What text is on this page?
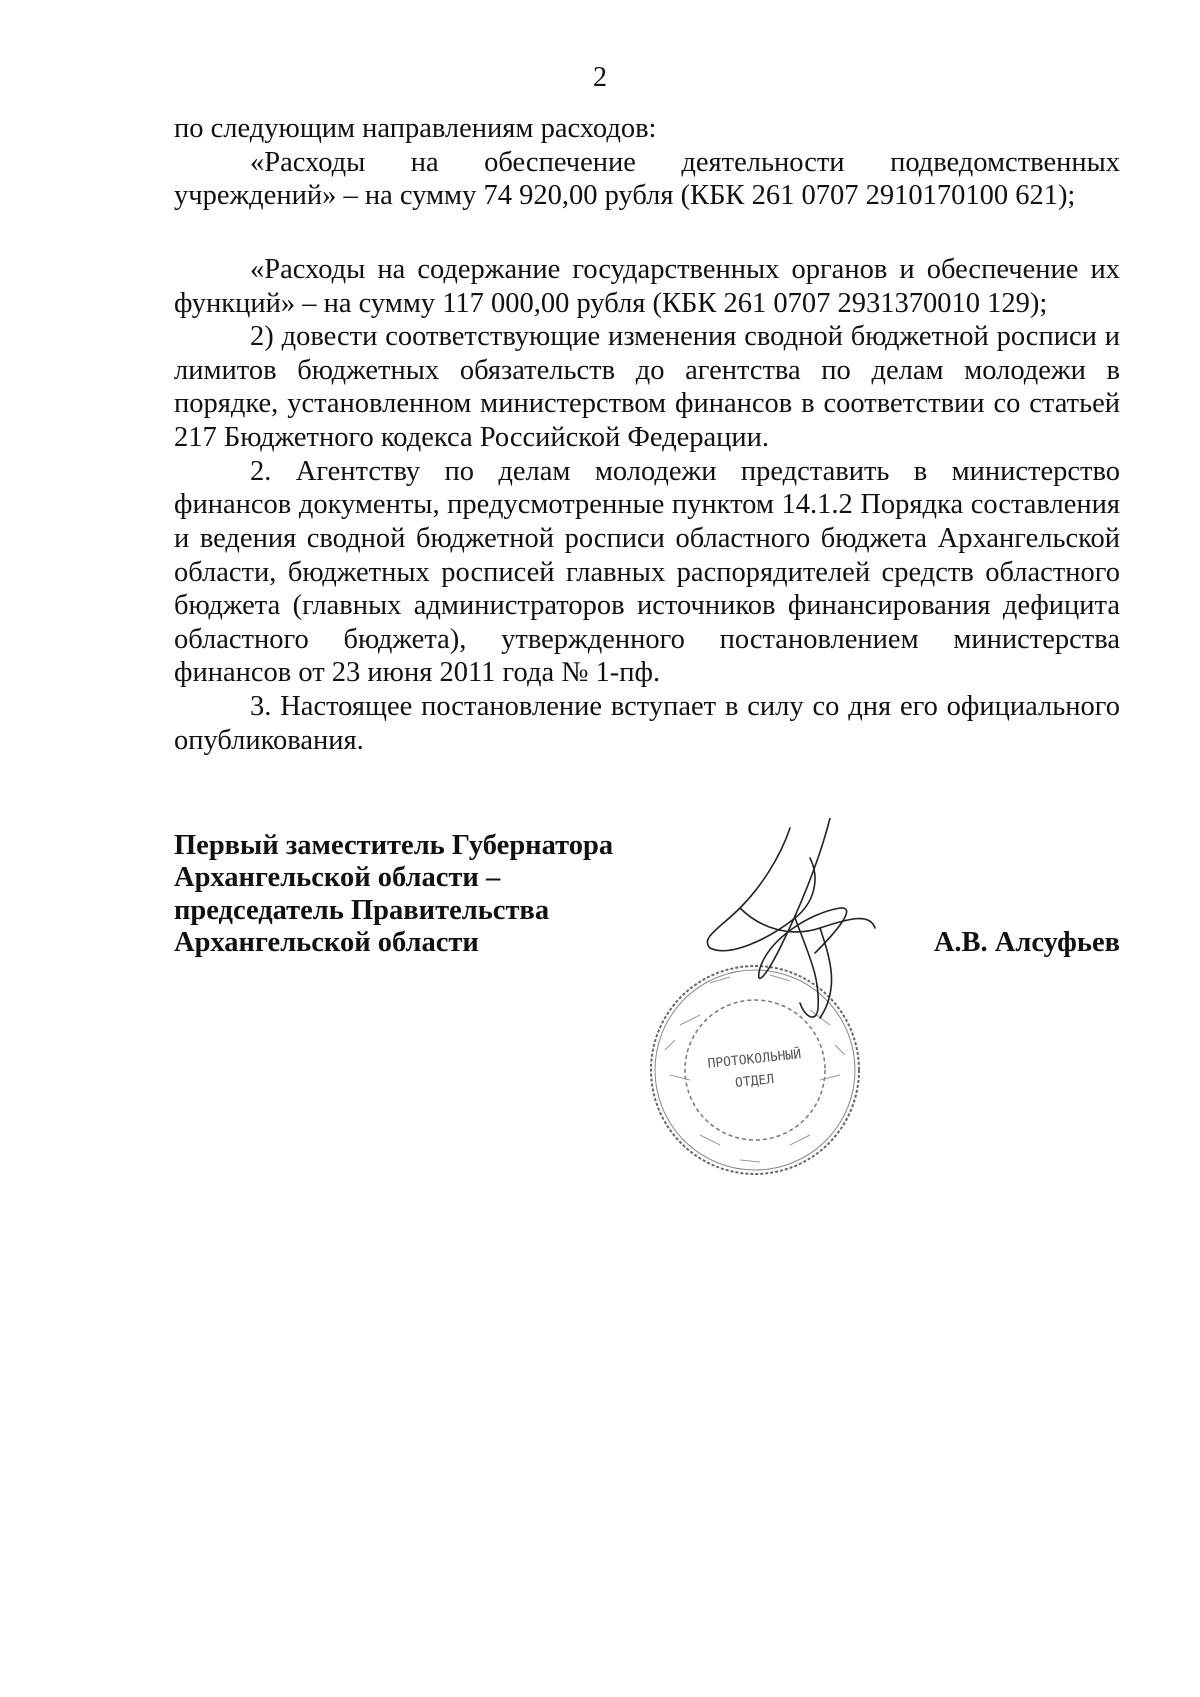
2

по следующим направлениям расходов:

«Расходы на обеспечение деятельности подведомственных учреждений» – на сумму 74 920,00 рубля (КБК 261 0707 2910170100 621);

«Расходы на содержание государственных органов и обеспечение их функций» – на сумму 117 000,00 рубля (КБК 261 0707 2931370010 129);

2) довести соответствующие изменения сводной бюджетной росписи и лимитов бюджетных обязательств до агентства по делам молодежи в порядке, установленном министерством финансов в соответствии со статьей 217 Бюджетного кодекса Российской Федерации.

2. Агентству по делам молодежи представить в министерство финансов документы, предусмотренные пунктом 14.1.2 Порядка составления и ведения сводной бюджетной росписи областного бюджета Архангельской области, бюджетных росписей главных распорядителей средств областного бюджета (главных администраторов источников финансирования дефицита областного бюджета), утвержденного постановлением министерства финансов от 23 июня 2011 года № 1-пф.

3. Настоящее постановление вступает в силу со дня его официального опубликования.

Первый заместитель Губернатора
Архангельской области –
председатель Правительства
Архангельской области	А.В. Алсуфьев
ПРОТОКОЛЬНЫЙ
ОТДЕЛ
